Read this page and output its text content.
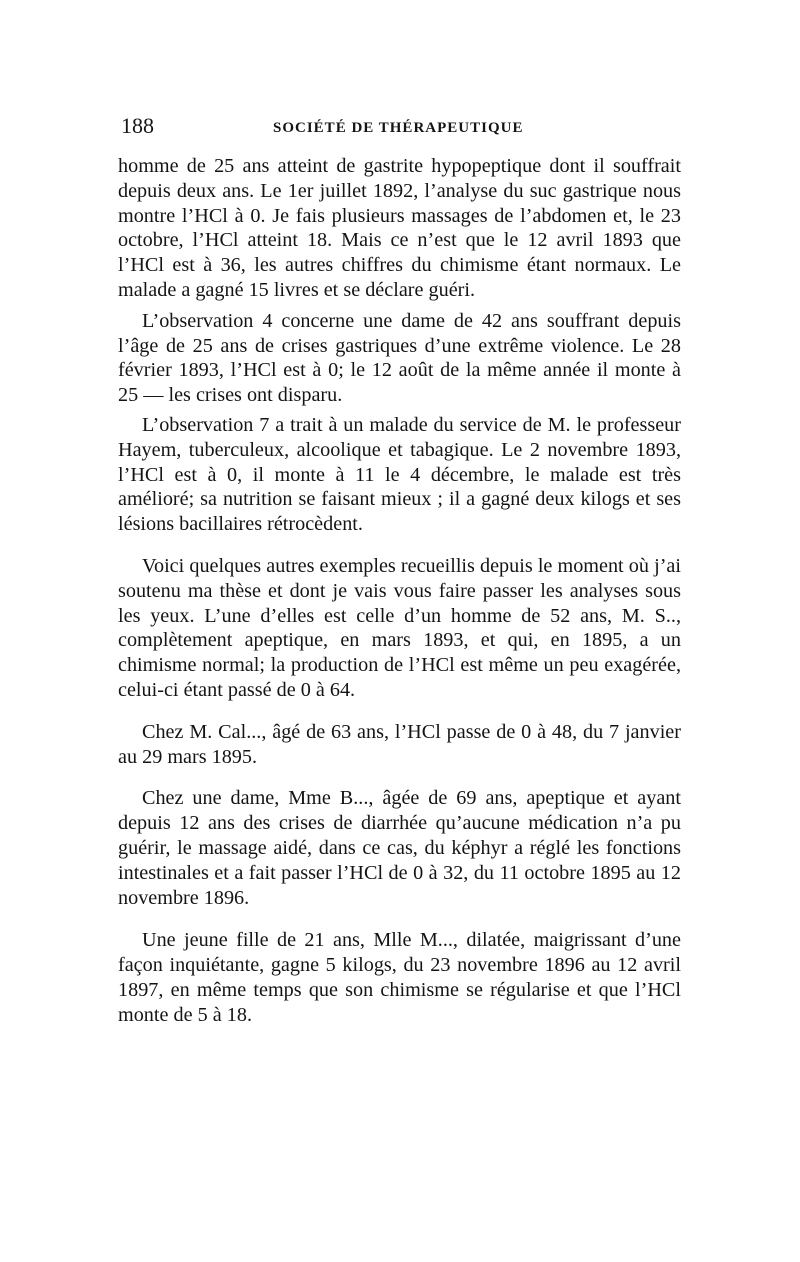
188	SOCIÉTÉ DE THÉRAPEUTIQUE

homme de 25 ans atteint de gastrite hypopeptique dont il souffrait depuis deux ans. Le 1er juillet 1892, l’analyse du suc gastrique nous montre l’HCl à 0. Je fais plusieurs massages de l’abdomen et, le 23 octobre, l’HCl atteint 18. Mais ce n’est que le 12 avril 1893 que l’HCl est à 36, les autres chiffres du chimisme étant normaux. Le malade a gagné 15 livres et se déclare guéri.

L’observation 4 concerne une dame de 42 ans souffrant depuis l’âge de 25 ans de crises gastriques d’une extrême violence. Le 28 février 1893, l’HCl est à 0; le 12 août de la même année il monte à 25 — les crises ont disparu.

L’observation 7 a trait à un malade du service de M. le professeur Hayem, tuberculeux, alcoolique et tabagique. Le 2 novembre 1893, l’HCl est à 0, il monte à 11 le 4 décembre, le malade est très amélioré; sa nutrition se faisant mieux ; il a gagné deux kilogs et ses lésions bacillaires rétrocèdent.

Voici quelques autres exemples recueillis depuis le moment où j’ai soutenu ma thèse et dont je vais vous faire passer les analyses sous les yeux. L’une d’elles est celle d’un homme de 52 ans, M. S.., complètement apeptique, en mars 1893, et qui, en 1895, a un chimisme normal; la production de l’HCl est même un peu exagérée, celui-ci étant passé de 0 à 64.

Chez M. Cal..., âgé de 63 ans, l’HCl passe de 0 à 48, du 7 janvier au 29 mars 1895.

Chez une dame, Mme B..., âgée de 69 ans, apeptique et ayant depuis 12 ans des crises de diarrhée qu’aucune médication n’a pu guérir, le massage aidé, dans ce cas, du képhyr a réglé les fonctions intestinales et a fait passer l’HCl de 0 à 32, du 11 octobre 1895 au 12 novembre 1896.

Une jeune fille de 21 ans, Mlle M..., dilatée, maigrissant d’une façon inquiétante, gagne 5 kilogs, du 23 novembre 1896 au 12 avril 1897, en même temps que son chimisme se régularise et que l’HCl monte de 5 à 18.
